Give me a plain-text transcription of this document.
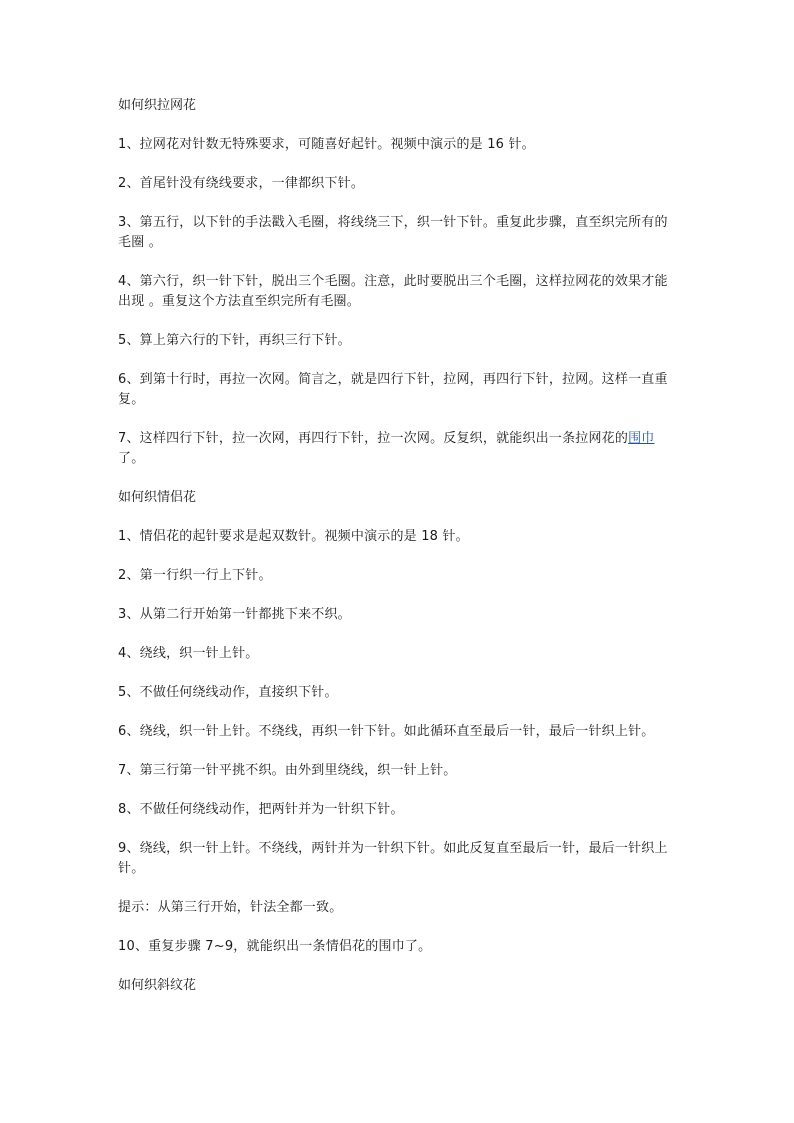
如何织拉网花
1、拉网花对针数无特殊要求，可随喜好起针。视频中演示的是 16 针。
2、首尾针没有绕线要求，一律都织下针。
3、第五行，以下针的手法戳入毛圈，将线绕三下，织一针下针。重复此步骤，直至织完所有的毛圈 。
4、第六行，织一针下针，脱出三个毛圈。注意，此时要脱出三个毛圈，这样拉网花的效果才能出现 。重复这个方法直至织完所有毛圈。
5、算上第六行的下针，再织三行下针。
6、到第十行时，再拉一次网。简言之，就是四行下针，拉网，再四行下针，拉网。这样一直重复。
7、这样四行下针，拉一次网，再四行下针，拉一次网。反复织，就能织出一条拉网花的围巾了。
如何织情侣花
1、情侣花的起针要求是起双数针。视频中演示的是 18 针。
2、第一行织一行上下针。
3、从第二行开始第一针都挑下来不织。
4、绕线，织一针上针。
5、不做任何绕线动作，直接织下针。
6、绕线，织一针上针。不绕线，再织一针下针。如此循环直至最后一针，最后一针织上针。
7、第三行第一针平挑不织。由外到里绕线，织一针上针。
8、不做任何绕线动作，把两针并为一针织下针。
9、绕线，织一针上针。不绕线，两针并为一针织下针。如此反复直至最后一针，最后一针织上针。
提示：从第三行开始，针法全都一致。
10、重复步骤 7~9，就能织出一条情侣花的围巾了。
如何织斜纹花
